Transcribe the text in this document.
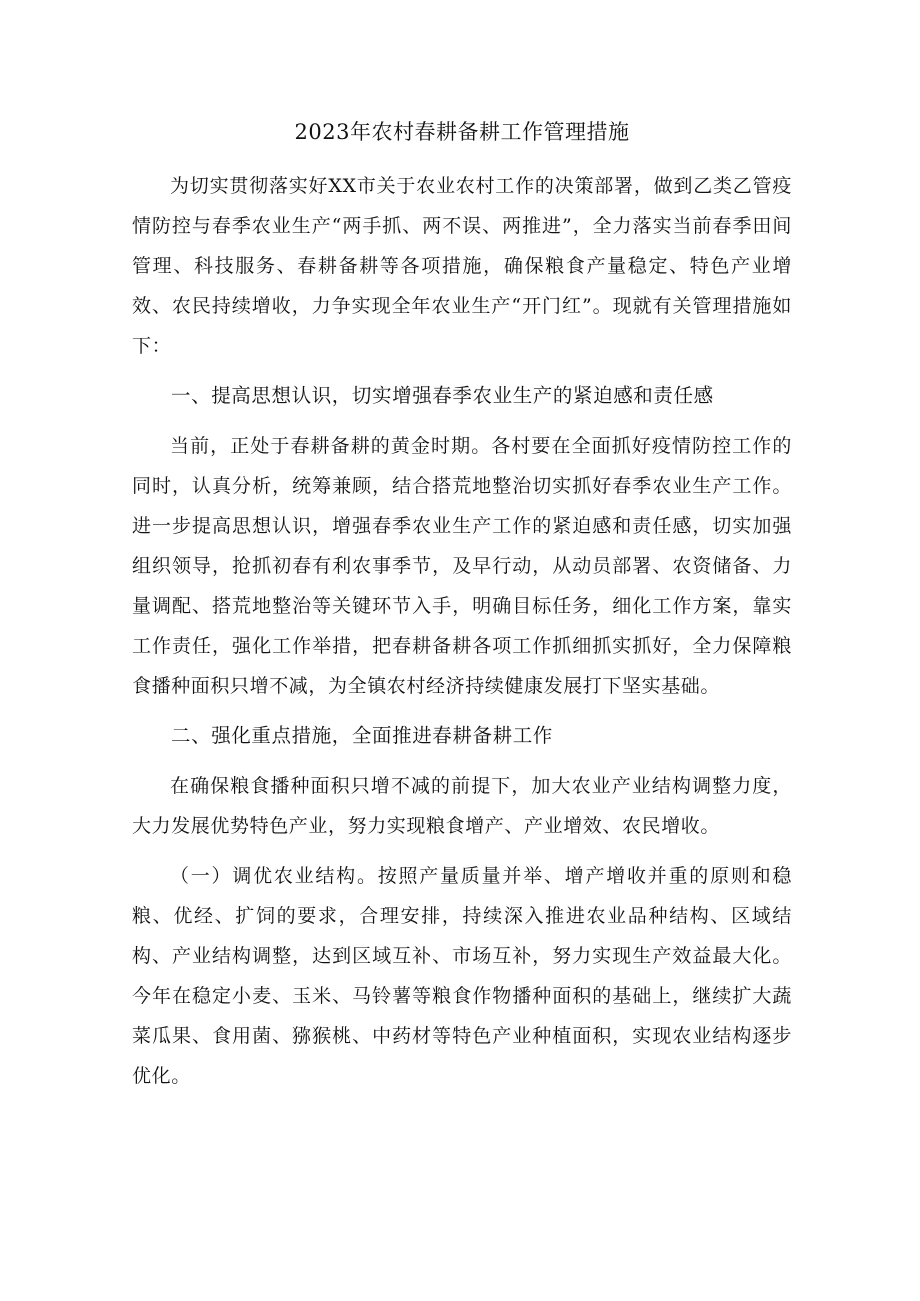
2023年农村春耕备耕工作管理措施

为切实贯彻落实好XX市关于农业农村工作的决策部署，做到乙类乙管疫情防控与春季农业生产“两手抓、两不误、两推进”，全力落实当前春季田间管理、科技服务、春耕备耕等各项措施，确保粮食产量稳定、特色产业增效、农民持续增收，力争实现全年农业生产“开门红”。现就有关管理措施如下：

一、提高思想认识，切实增强春季农业生产的紧迫感和责任感

当前，正处于春耕备耕的黄金时期。各村要在全面抓好疫情防控工作的同时，认真分析，统筹兼顾，结合搭荒地整治切实抓好春季农业生产工作。进一步提高思想认识，增强春季农业生产工作的紧迫感和责任感，切实加强组织领导，抢抓初春有利农事季节，及早行动，从动员部署、农资储备、力量调配、搭荒地整治等关键环节入手，明确目标任务，细化工作方案，靠实工作责任，强化工作举措，把春耕备耕各项工作抓细抓实抓好，全力保障粮食播种面积只增不减，为全镇农村经济持续健康发展打下坚实基础。

二、强化重点措施，全面推进春耕备耕工作

在确保粮食播种面积只增不减的前提下，加大农业产业结构调整力度，大力发展优势特色产业，努力实现粮食增产、产业增效、农民增收。

（一）调优农业结构。按照产量质量并举、增产增收并重的原则和稳粮、优经、扩饲的要求，合理安排，持续深入推进农业品种结构、区域结构、产业结构调整，达到区域互补、市场互补，努力实现生产效益最大化。今年在稳定小麦、玉米、马铃薯等粮食作物播种面积的基础上，继续扩大蔬菜瓜果、食用菌、猕猴桃、中药材等特色产业种植面积，实现农业结构逐步优化。
